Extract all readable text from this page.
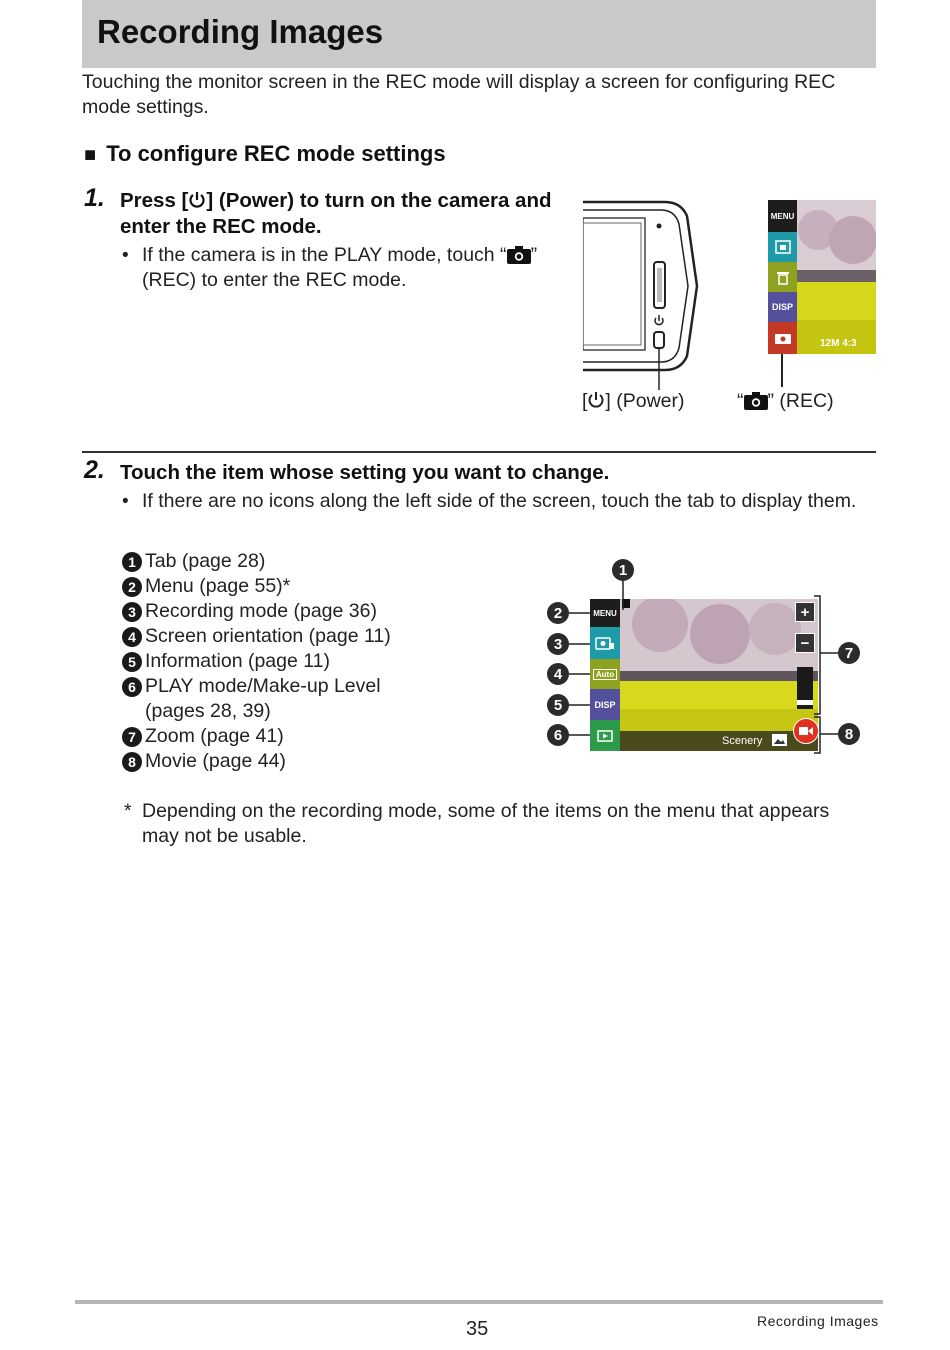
Recording Images
Touching the monitor screen in the REC mode will display a screen for configuring REC mode settings.
■ To configure REC mode settings
1. Press [ ] (Power) to turn on the camera and enter the REC mode.
• If the camera is in the PLAY mode, touch “ ” (REC) to enter the REC mode.
MENU
DISP
12M 4:3
[ ] (Power)	“ ” (REC)
2. Touch the item whose setting you want to change.
• If there are no icons along the left side of the screen, touch the tab to display them.
1 Tab (page 28)
2 Menu (page 55)*
3 Recording mode (page 36)
4 Screen orientation (page 11)
5 Information (page 11)
6 PLAY mode/Make-up Level
(pages 28, 39)
7 Zoom (page 41)
8 Movie (page 44)
MENU
Auto
DISP
Scenery
+
−
1
2
3
4
5
6
7
8
* Depending on the recording mode, some of the items on the menu that appears may not be usable.
35	Recording Images
